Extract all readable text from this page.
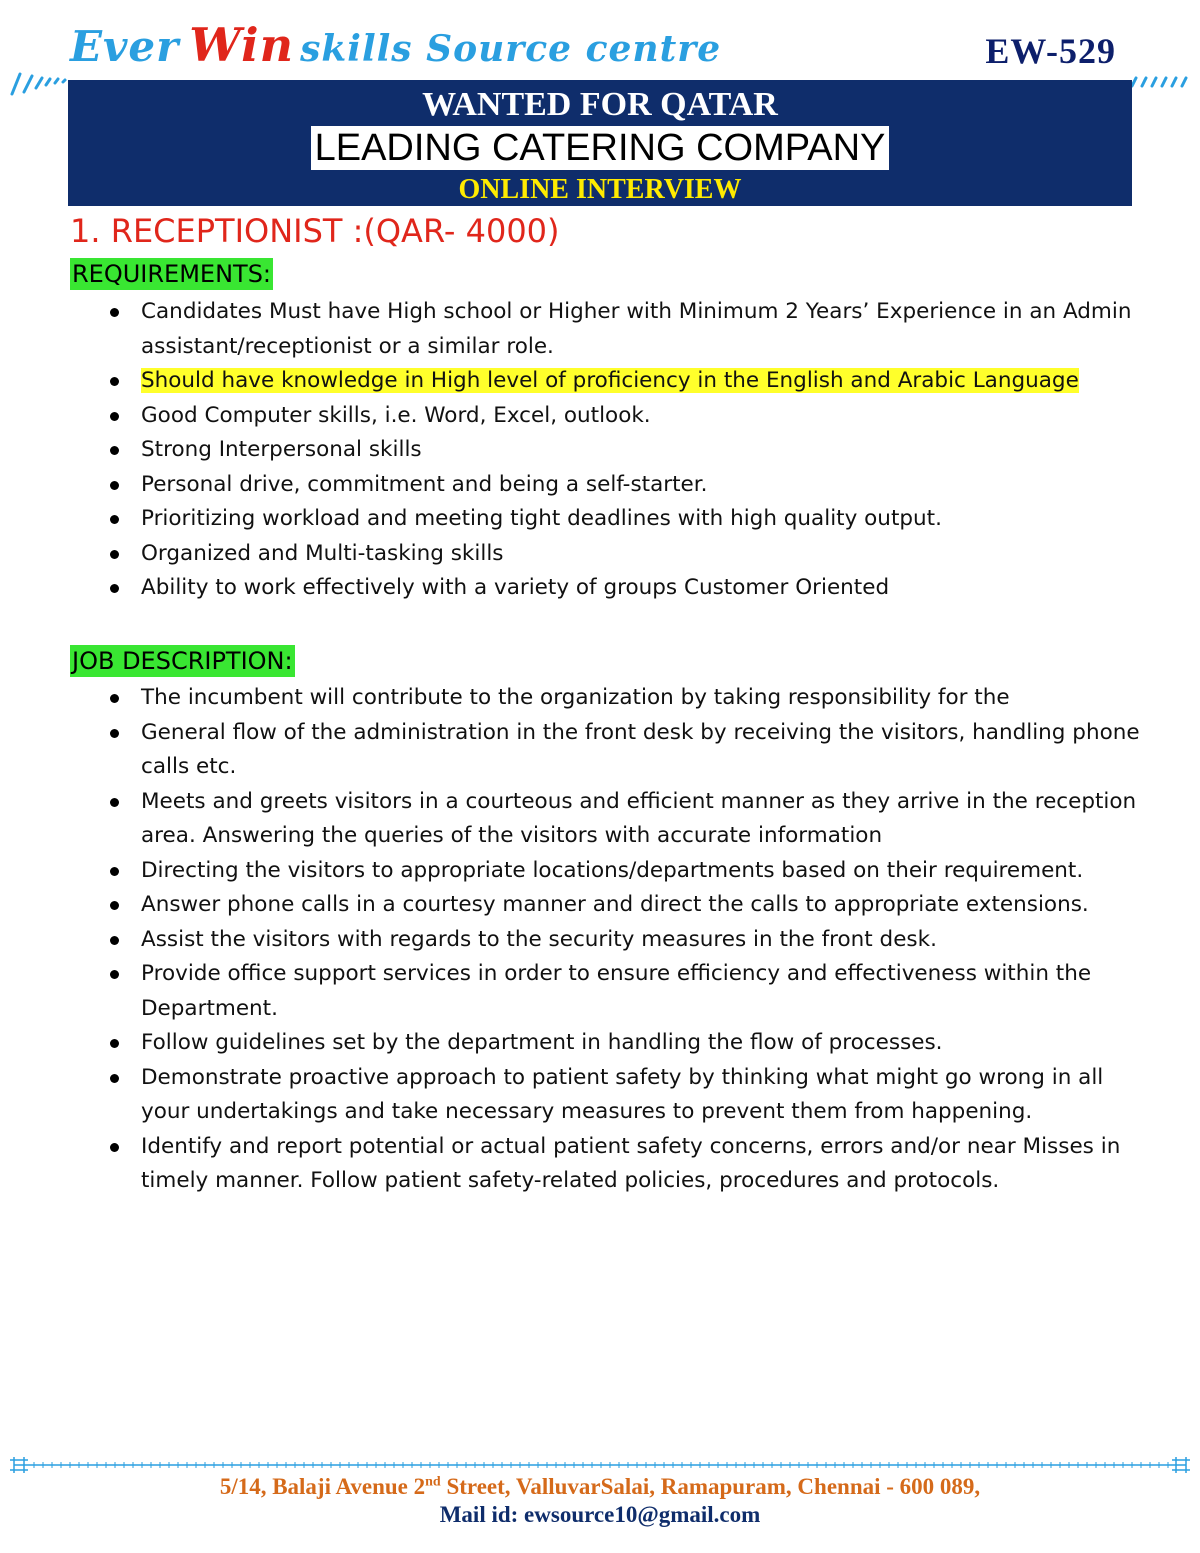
Ever Win skills Source centre	EW-529
WANTED FOR QATAR
LEADING CATERING COMPANY
ONLINE INTERVIEW
1. RECEPTIONIST :(QAR- 4000)
REQUIREMENTS:
Candidates Must have High school or Higher with Minimum 2 Years’ Experience in an Admin assistant/receptionist or a similar role.
Should have knowledge in High level of proficiency in the English and Arabic Language
Good Computer skills, i.e. Word, Excel, outlook.
Strong Interpersonal skills
Personal drive, commitment and being a self-starter.
Prioritizing workload and meeting tight deadlines with high quality output.
Organized and Multi-tasking skills
Ability to work effectively with a variety of groups Customer Oriented
JOB DESCRIPTION:
The incumbent will contribute to the organization by taking responsibility for the
General flow of the administration in the front desk by receiving the visitors, handling phone calls etc.
Meets and greets visitors in a courteous and efficient manner as they arrive in the reception area. Answering the queries of the visitors with accurate information
Directing the visitors to appropriate locations/departments based on their requirement.
Answer phone calls in a courtesy manner and direct the calls to appropriate extensions.
Assist the visitors with regards to the security measures in the front desk.
Provide office support services in order to ensure efficiency and effectiveness within the Department.
Follow guidelines set by the department in handling the flow of processes.
Demonstrate proactive approach to patient safety by thinking what might go wrong in all your undertakings and take necessary measures to prevent them from happening.
Identify and report potential or actual patient safety concerns, errors and/or near Misses in timely manner. Follow patient safety-related policies, procedures and protocols.
5/14, Balaji Avenue 2nd Street, ValluvarSalai, Ramapuram, Chennai - 600 089,
Mail id: ewsource10@gmail.com
